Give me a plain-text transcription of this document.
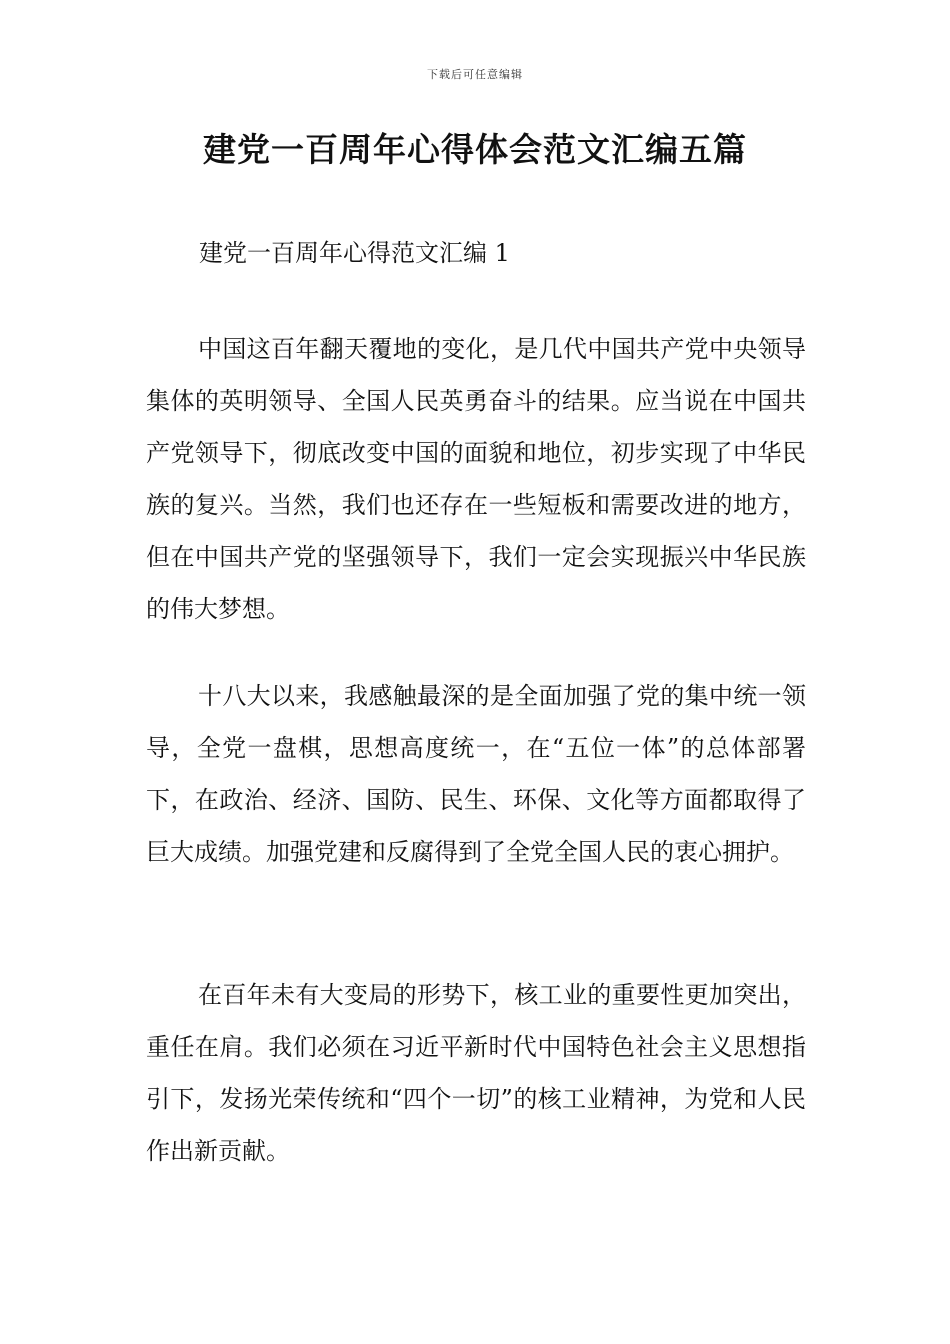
下载后可任意编辑
建党一百周年心得体会范文汇编五篇
建党一百周年心得范文汇编 1

中国这百年翻天覆地的变化，是几代中国共产党中央领导集体的英明领导、全国人民英勇奋斗的结果。应当说在中国共产党领导下，彻底改变中国的面貌和地位，初步实现了中华民族的复兴。当然，我们也还存在一些短板和需要改进的地方，但在中国共产党的坚强领导下，我们一定会实现振兴中华民族的伟大梦想。

十八大以来，我感触最深的是全面加强了党的集中统一领导，全党一盘棋，思想高度统一，在“五位一体”的总体部署下，在政治、经济、国防、民生、环保、文化等方面都取得了巨大成绩。加强党建和反腐得到了全党全国人民的衷心拥护。

在百年未有大变局的形势下，核工业的重要性更加突出，重任在肩。我们必须在习近平新时代中国特色社会主义思想指引下，发扬光荣传统和“四个一切”的核工业精神，为党和人民作出新贡献。
